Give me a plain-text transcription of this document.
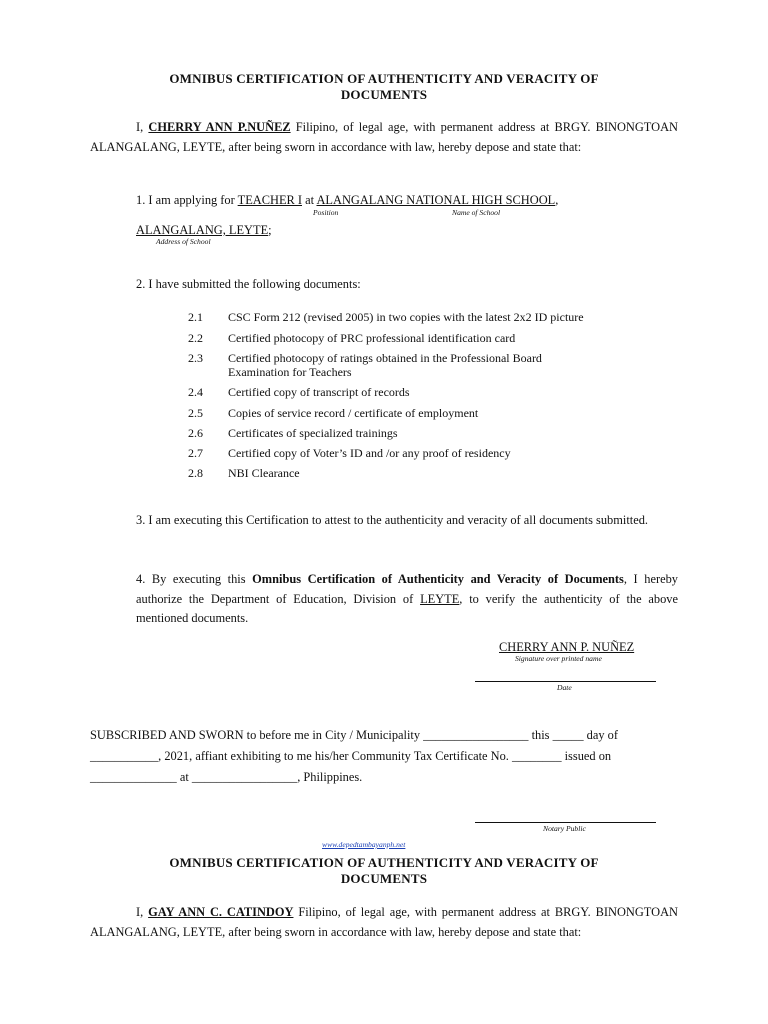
OMNIBUS CERTIFICATION OF AUTHENTICITY AND VERACITY OF
DOCUMENTS
I, CHERRY ANN P.NUÑEZ Filipino, of legal age, with permanent address at BRGY. BINONGTOAN ALANGALANG, LEYTE, after being sworn in accordance with law, hereby depose and state that:
1. I am applying for TEACHER I at ALANGALANG NATIONAL HIGH SCHOOL,
Position	Name of School
ALANGALANG, LEYTE;
Address of School
2. I have submitted the following documents:
2.1 CSC Form 212 (revised 2005) in two copies with the latest 2x2 ID picture
2.2 Certified photocopy of PRC professional identification card
2.3 Certified photocopy of ratings obtained in the Professional Board Examination for Teachers
2.4 Certified copy of transcript of records
2.5 Copies of service record / certificate of employment
2.6 Certificates of specialized trainings
2.7 Certified copy of Voter’s ID and /or any proof of residency
2.8 NBI Clearance
3. I am executing this Certification to attest to the authenticity and veracity of all documents submitted.
4. By executing this Omnibus Certification of Authenticity and Veracity of Documents, I hereby authorize the Department of Education, Division of LEYTE, to verify the authenticity of the above mentioned documents.
CHERRY ANN P. NUÑEZ
Signature over printed name
Date
SUBSCRIBED AND SWORN to before me in City / Municipality _________________ this _____ day of
___________, 2021, affiant exhibiting to me his/her Community Tax Certificate No. ________ issued on
______________ at _________________, Philippines.
Notary Public
www.depedtambayanph.net
OMNIBUS CERTIFICATION OF AUTHENTICITY AND VERACITY OF
DOCUMENTS
I, GAY ANN C. CATINDOY Filipino, of legal age, with permanent address at BRGY. BINONGTOAN ALANGALANG, LEYTE, after being sworn in accordance with law, hereby depose and state that:
